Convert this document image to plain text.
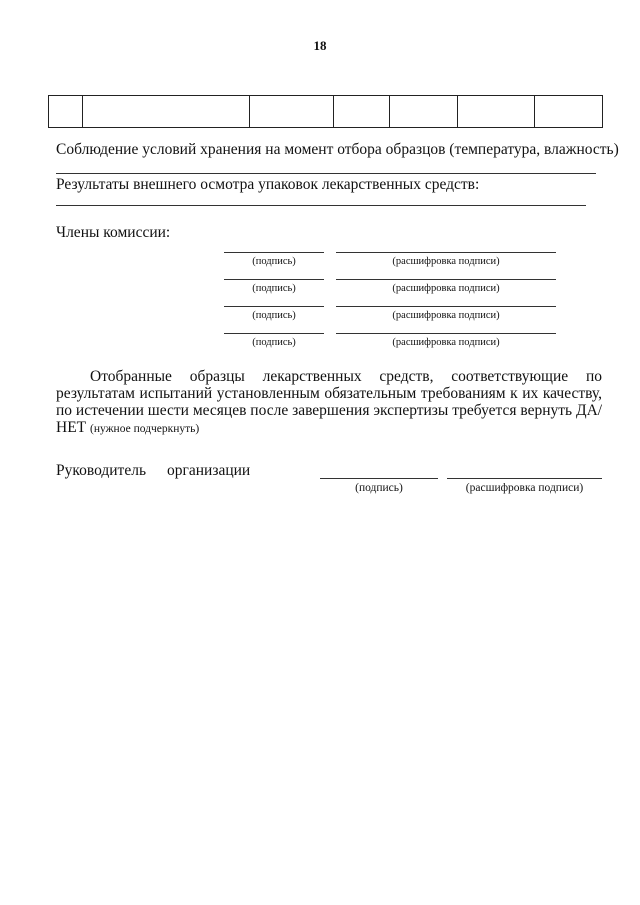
18

Соблюдение условий хранения на момент отбора образцов (температура, влажность)
Результаты внешнего осмотра упаковок лекарственных средств:
Члены комиссии:
(подпись)	(расшифровка подписи)
(подпись)	(расшифровка подписи)
(подпись)	(расшифровка подписи)
(подпись)	(расшифровка подписи)
Отобранные образцы лекарственных средств, соответствующие по
результатам испытаний установленным обязательным требованиям к их качеству,
по истечении шести месяцев после завершения экспертизы требуется вернуть ДА/
НЕТ (нужное подчеркнуть)
Руководитель организации
(подпись)	(расшифровка подписи)
